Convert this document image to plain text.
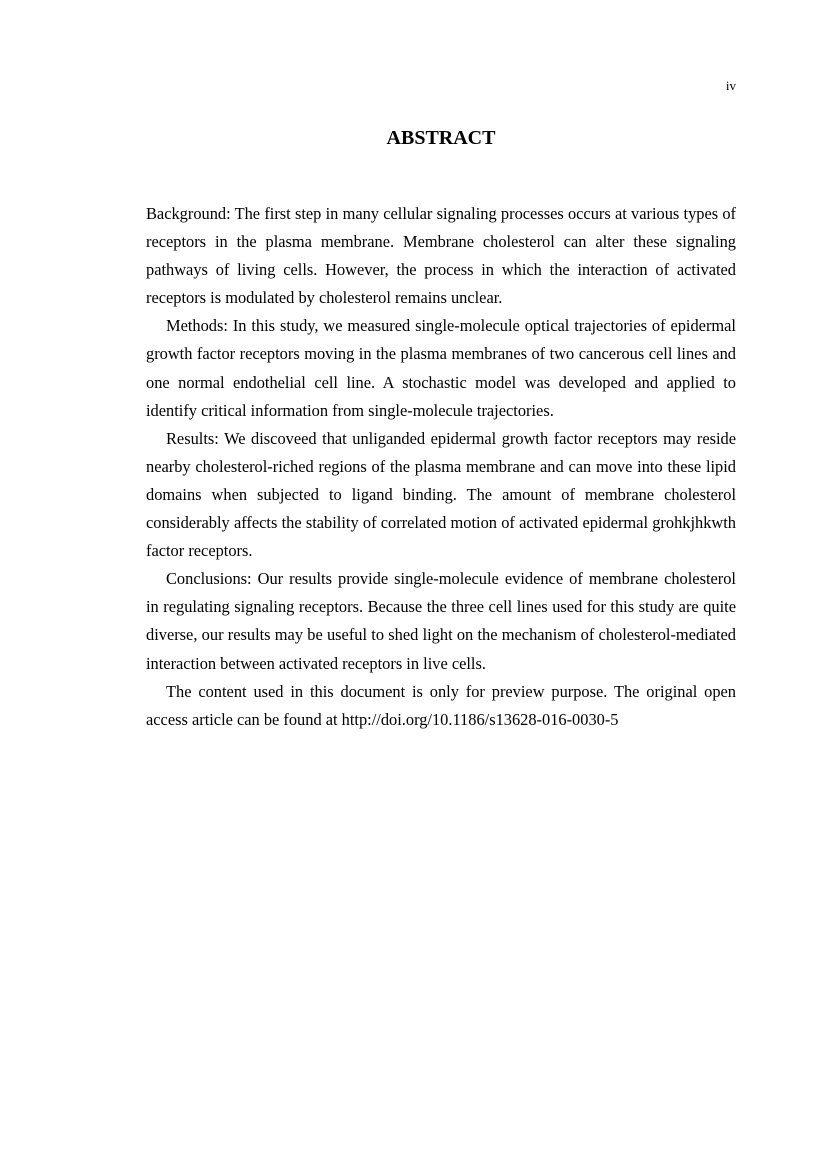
iv
ABSTRACT

Background: The first step in many cellular signaling processes occurs at various types of receptors in the plasma membrane. Membrane cholesterol can alter these signaling pathways of living cells. However, the process in which the interaction of activated receptors is modulated by cholesterol remains unclear.

Methods: In this study, we measured single-molecule optical trajectories of epidermal growth factor receptors moving in the plasma membranes of two cancerous cell lines and one normal endothelial cell line. A stochastic model was developed and applied to identify critical information from single-molecule trajectories.

Results: We discoveed that unliganded epidermal growth factor receptors may reside nearby cholesterol-riched regions of the plasma membrane and can move into these lipid domains when subjected to ligand binding. The amount of membrane cholesterol considerably affects the stability of correlated motion of activated epidermal grohkjhkwth factor receptors.

Conclusions: Our results provide single-molecule evidence of membrane cholesterol in regulating signaling receptors. Because the three cell lines used for this study are quite diverse, our results may be useful to shed light on the mechanism of cholesterol-mediated interaction between activated receptors in live cells.

The content used in this document is only for preview purpose. The original open access article can be found at http://doi.org/10.1186/s13628-016-0030-5
